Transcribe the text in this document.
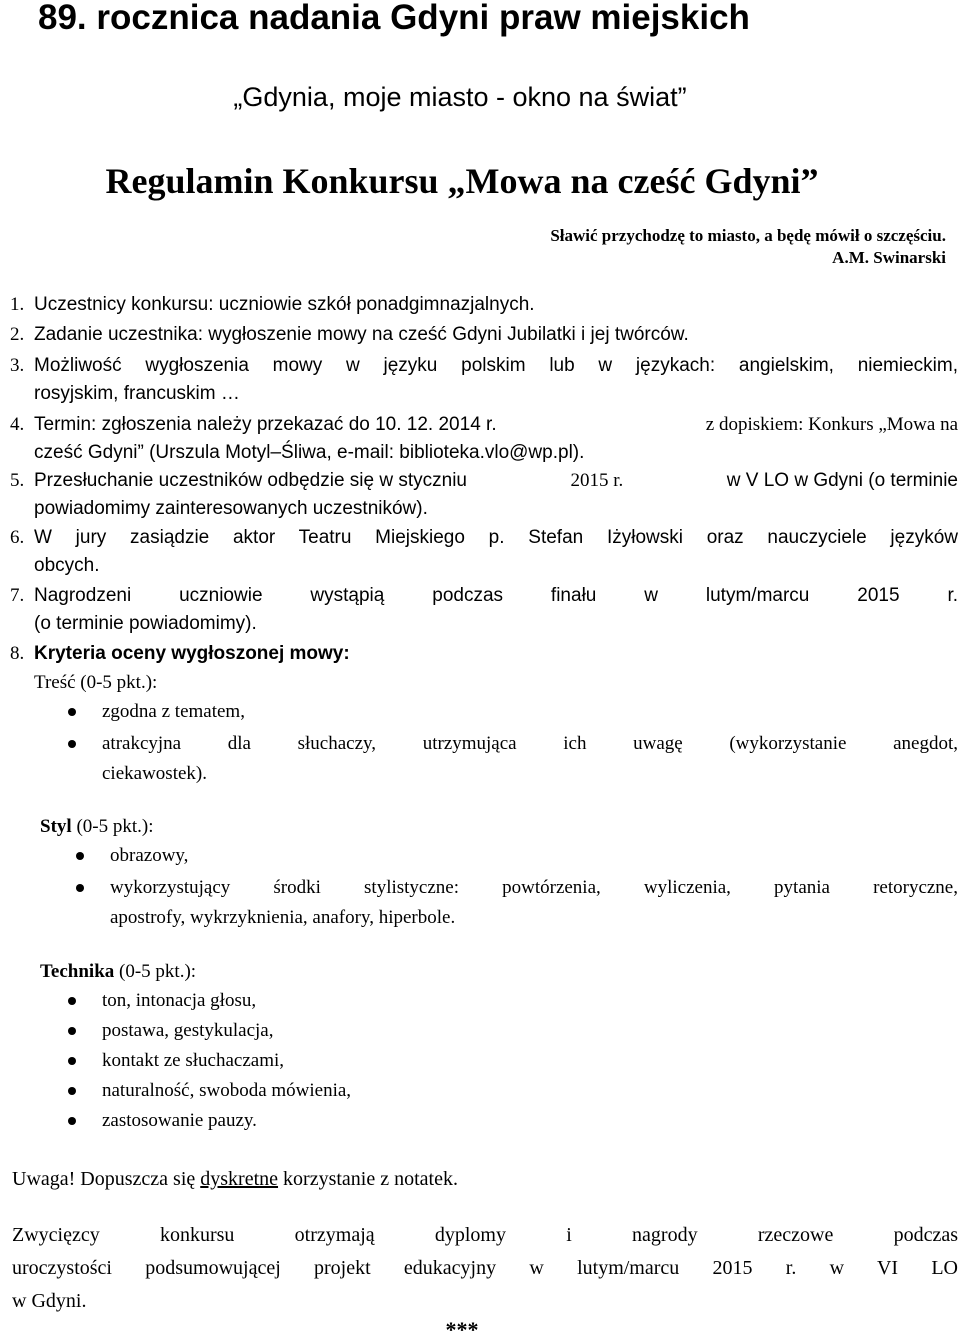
89. rocznica nadania Gdyni praw miejskich
„Gdynia, moje miasto - okno na świat”
Regulamin Konkursu „Mowa na cześć Gdyni”
Sławić przychodzę to miasto, a będę mówił o szczęściu.
A.M. Swinarski
1. Uczestnicy konkursu: uczniowie szkół ponadgimnazjalnych.
2. Zadanie uczestnika: wygłoszenie mowy na cześć Gdyni Jubilatki i jej twórców.
3. Możliwość wygłoszenia mowy w języku polskim lub w językach: angielskim, niemieckim,
rosyjskim, francuskim …
4. Termin: zgłoszenia należy przekazać do 10. 12. 2014 r.	z dopiskiem: Konkurs „Mowa na
cześć Gdyni” (Urszula Motyl–Śliwa, e-mail: biblioteka.vlo@wp.pl).
5. Przesłuchanie uczestników odbędzie się w styczniu	2015 r.	w V LO w Gdyni (o terminie
powiadomimy zainteresowanych uczestników).
6. W jury zasiądzie aktor Teatru Miejskiego p. Stefan Iżyłowski oraz nauczyciele języków
obcych.
7. Nagrodzeni uczniowie wystąpią podczas finału w lutym/marcu 2015 r.
(o terminie powiadomimy).
8. Kryteria oceny wygłoszonej mowy:
Treść (0-5 pkt.):
zgodna z tematem,
atrakcyjna dla słuchaczy, utrzymująca ich uwagę (wykorzystanie anegdot,
ciekawostek).
Styl (0-5 pkt.):
obrazowy,
wykorzystujący środki stylistyczne: powtórzenia, wyliczenia, pytania retoryczne,
apostrofy, wykrzyknienia, anafory, hiperbole.
Technika (0-5 pkt.):
ton, intonacja głosu,
postawa, gestykulacja,
kontakt ze słuchaczami,
naturalność, swoboda mówienia,
zastosowanie pauzy.
Uwaga! Dopuszcza się dyskretne korzystanie z notatek.
Zwycięzcy konkursu otrzymają dyplomy i nagrody rzeczowe podczas
uroczystości podsumowującej projekt edukacyjny w lutym/marcu 2015 r. w VI LO
w Gdyni.
***
